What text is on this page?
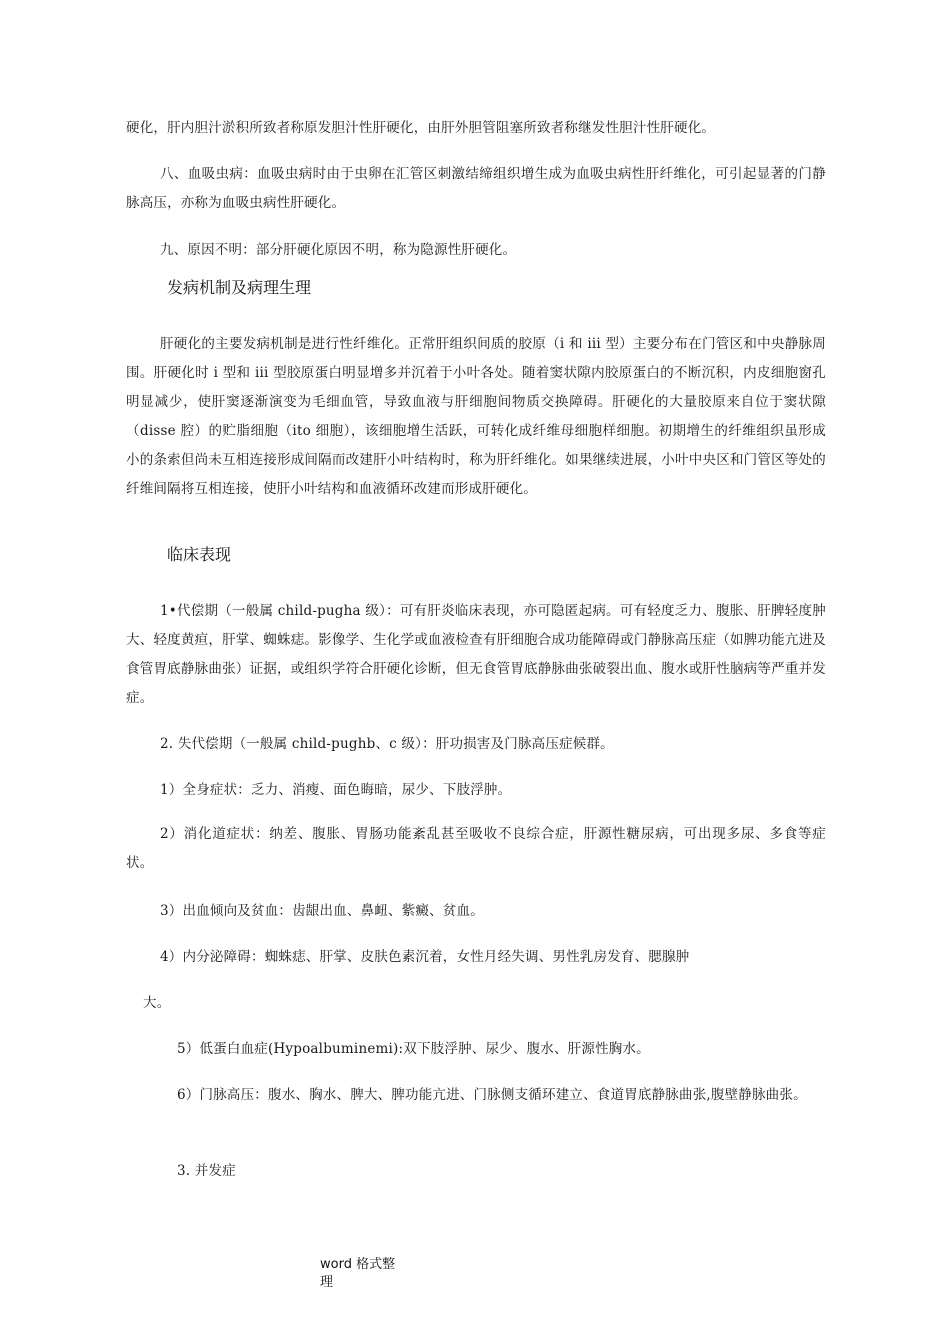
硬化，肝内胆汁淤积所致者称原发胆汁性肝硬化，由肝外胆管阻塞所致者称继发性胆汁性肝硬化。

八、血吸虫病：血吸虫病时由于虫卵在汇管区刺激结缔组织增生成为血吸虫病性肝纤维化，可引起显著的门静脉高压，亦称为血吸虫病性肝硬化。

九、原因不明：部分肝硬化原因不明，称为隐源性肝硬化。

发病机制及病理生理

肝硬化的主要发病机制是进行性纤维化。正常肝组织间质的胶原（i 和 iii 型）主要分布在门管区和中央静脉周围。肝硬化时 i 型和 iii 型胶原蛋白明显增多并沉着于小叶各处。随着窦状隙内胶原蛋白的不断沉积，内皮细胞窗孔明显减少，使肝窦逐渐演变为毛细血管，导致血液与肝细胞间物质交换障碍。肝硬化的大量胶原来自位于窦状隙（disse 腔）的贮脂细胞（ito 细胞），该细胞增生活跃，可转化成纤维母细胞样细胞。初期增生的纤维组织虽形成小的条索但尚未互相连接形成间隔而改建肝小叶结构时，称为肝纤维化。如果继续进展，小叶中央区和门管区等处的纤维间隔将互相连接，使肝小叶结构和血液循环改建而形成肝硬化。

临床表现

1•代偿期（一般属 child-pugha 级）：可有肝炎临床表现，亦可隐匿起病。可有轻度乏力、腹胀、肝脾轻度肿大、轻度黄疸，肝掌、蜘蛛痣。影像学、生化学或血液检查有肝细胞合成功能障碍或门静脉高压症（如脾功能亢进及食管胃底静脉曲张）证据，或组织学符合肝硬化诊断，但无食管胃底静脉曲张破裂出血、腹水或肝性脑病等严重并发症。

2. 失代偿期（一般属 child-pughb、c 级）：肝功损害及门脉高压症候群。

1）全身症状：乏力、消瘦、面色晦暗，尿少、下肢浮肿。

2）消化道症状：纳差、腹胀、胃肠功能紊乱甚至吸收不良综合症，肝源性糖尿病，可出现多尿、多食等症状。

3）出血倾向及贫血：齿龈出血、鼻衄、紫癜、贫血。

4）内分泌障碍：蜘蛛痣、肝掌、皮肤色素沉着，女性月经失调、男性乳房发育、腮腺肿

大。

5）低蛋白血症(Hypoalbuminemi):双下肢浮肿、尿少、腹水、肝源性胸水。

6）门脉高压：腹水、胸水、脾大、脾功能亢进、门脉侧支循环建立、食道胃底静脉曲张,腹壁静脉曲张。

3. 并发症

word 格式整
理
